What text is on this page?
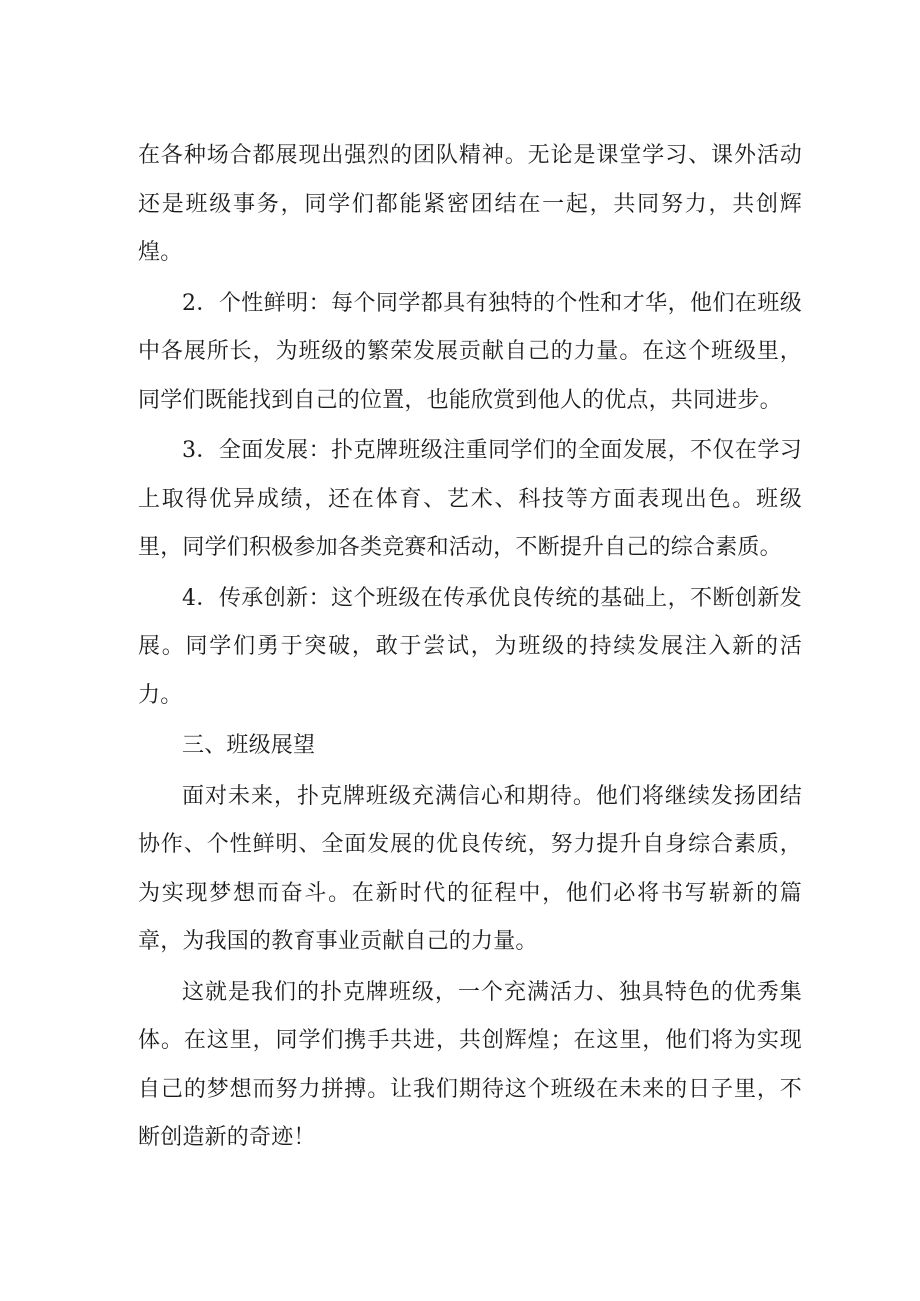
在各种场合都展现出强烈的团队精神。无论是课堂学习、课外活动还是班级事务，同学们都能紧密团结在一起，共同努力，共创辉煌。

2．个性鲜明：每个同学都具有独特的个性和才华，他们在班级中各展所长，为班级的繁荣发展贡献自己的力量。在这个班级里，同学们既能找到自己的位置，也能欣赏到他人的优点，共同进步。

3．全面发展：扑克牌班级注重同学们的全面发展，不仅在学习上取得优异成绩，还在体育、艺术、科技等方面表现出色。班级里，同学们积极参加各类竞赛和活动，不断提升自己的综合素质。

4．传承创新：这个班级在传承优良传统的基础上，不断创新发展。同学们勇于突破，敢于尝试，为班级的持续发展注入新的活力。

三、班级展望

面对未来，扑克牌班级充满信心和期待。他们将继续发扬团结协作、个性鲜明、全面发展的优良传统，努力提升自身综合素质，为实现梦想而奋斗。在新时代的征程中，他们必将书写崭新的篇章，为我国的教育事业贡献自己的力量。

这就是我们的扑克牌班级，一个充满活力、独具特色的优秀集体。在这里，同学们携手共进，共创辉煌；在这里，他们将为实现自己的梦想而努力拼搏。让我们期待这个班级在未来的日子里，不断创造新的奇迹！
